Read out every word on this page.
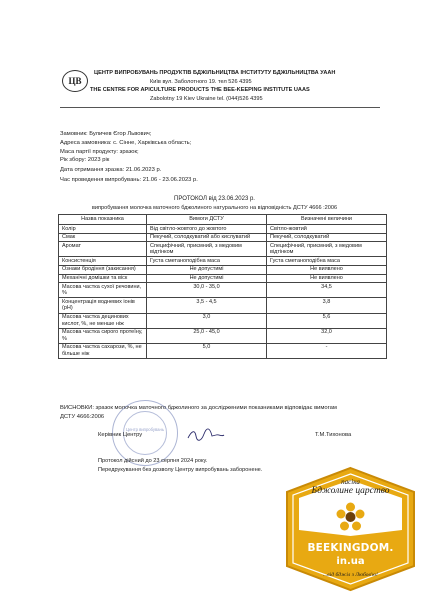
ЦВ
ЦЕНТР ВИПРОБУВАНЬ ПРОДУКТІВ БДЖІЛЬНИЦТВА ІНСТИТУТУ БДЖІЛЬНИЦТВА УААН
Київ вул. Заболотного 19. тел 526 4395
THE CENTRE FOR APICULTURE PRODUCTS THE BEE-KEEPING INSTITUTE UAAS
Zabolotny 19 Kiev Ukraine tel. (044)526 4395
Замовник: Буличев Єгор Львович;
Адреса замовника: с. Сінне, Харківська область;
Маса партії продукту: зразок;
Рік збору: 2023 рік
Дата отримання зразка: 21.06.2023 р.
Час проведення випробувань: 21.06 - 23.06.2023 р.
ПРОТОКОЛ від 23.06.2023 р.
випробування молочка маточного бджолиного натурального на відповідність ДСТУ 4666 :2006
Назва показника	Вимоги ДСТУ	Визначені величини
Колір	Від світло-жовтого до жовтого	Світло-жовтий
Смак	Пекучий, солодкуватий або кислуватий	Пекучий, солодкуватий
Аромат	Специфічний, приємний, з медовим відтінком	Специфічний, приємний, з медовим відтінком
Консистенція	Густа сметаноподібна маса	Густа сметаноподібна маса
Ознаки бродіння (закисання)	Не допустимі	Не виявлено
Механічні домішки та віск	Не допустимі	Не виявлено
Масова частка сухої речовини, %	30,0 - 35,0	34,5
Концентрація водневих іонів (рН)	3,5 - 4,5	3,8
Масова частка децинових кислот, %, не менше ніж	3,0	5,6
Масова частка сирого протеїну, %	25,0 - 45,0	32,0
Масова частка сахарози, %, не більше ніж	5,0	-
ВИСНОВКИ: зразок молочка маточного бджолиного за дослідженими показниками відповідає вимогам
ДСТУ 4666:2006
Центр випробувань
Керівник Центру	Т.М.Тихонова
Протокол дійсний до 23 серпня 2024 року.
Передрукування без дозволу Центру випробувань заборонене.
пасіка
Бджолине царство
BEEKINGDOM.
in.ua
...від бджіл з Любов'ю!
